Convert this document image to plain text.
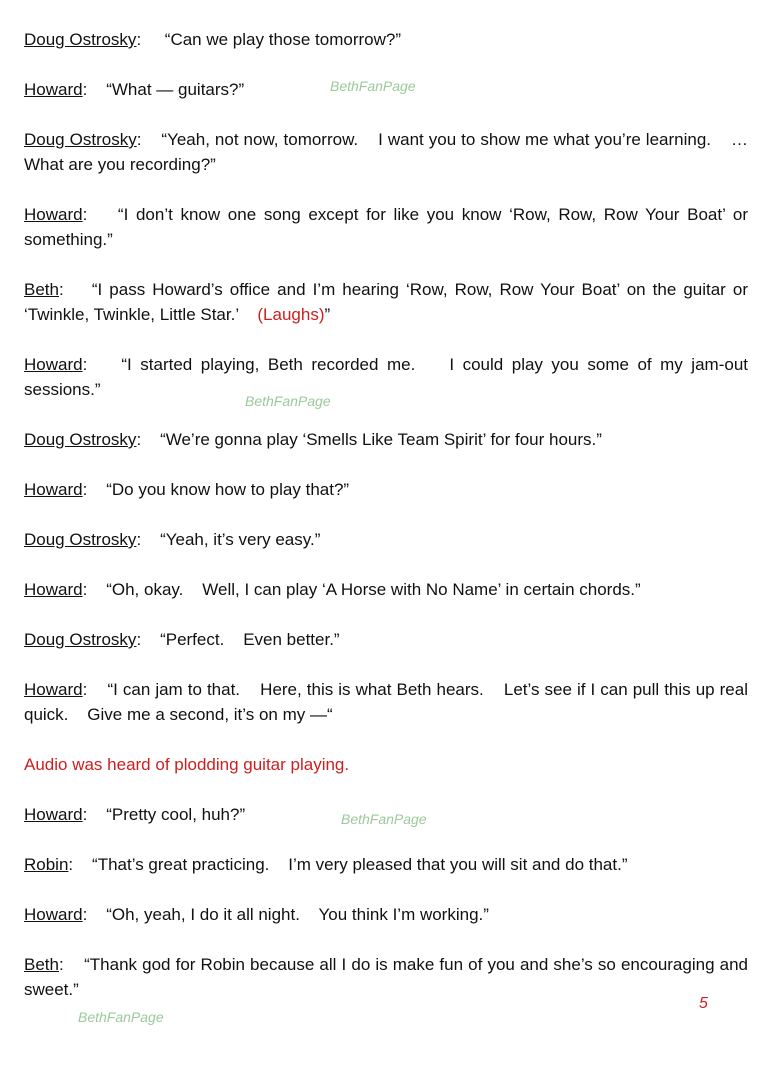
Doug Ostrosky:     “Can we play those tomorrow?”

Howard:    “What — guitars?”

Doug Ostrosky:    “Yeah, not now, tomorrow.    I want you to show me what you’re learning.    … What are you recording?”

Howard:    “I don’t know one song except for like you know ‘Row, Row, Row Your Boat’ or something.”

Beth:    “I pass Howard’s office and I’m hearing ‘Row, Row, Row Your Boat’ on the guitar or ‘Twinkle, Twinkle, Little Star.’ (Laughs)”

Howard:    “I started playing, Beth recorded me.    I could play you some of my jam-out sessions.”

Doug Ostrosky:    “We’re gonna play ‘Smells Like Team Spirit’ for four hours.”

Howard:    “Do you know how to play that?”

Doug Ostrosky:    “Yeah, it’s very easy.”

Howard:    “Oh, okay.    Well, I can play ‘A Horse with No Name’ in certain chords.”

Doug Ostrosky:    “Perfect.    Even better.”

Howard:    “I can jam to that.    Here, this is what Beth hears.    Let’s see if I can pull this up real quick.    Give me a second, it’s on my —“

Audio was heard of plodding guitar playing.

Howard:    “Pretty cool, huh?”

Robin:    “That’s great practicing.    I’m very pleased that you will sit and do that.”

Howard:    “Oh, yeah, I do it all night.    You think I’m working.”

Beth:    “Thank god for Robin because all I do is make fun of you and she’s so encouraging and sweet.”

BethFanPage
BethFanPage
BethFanPage
BethFanPage
5
